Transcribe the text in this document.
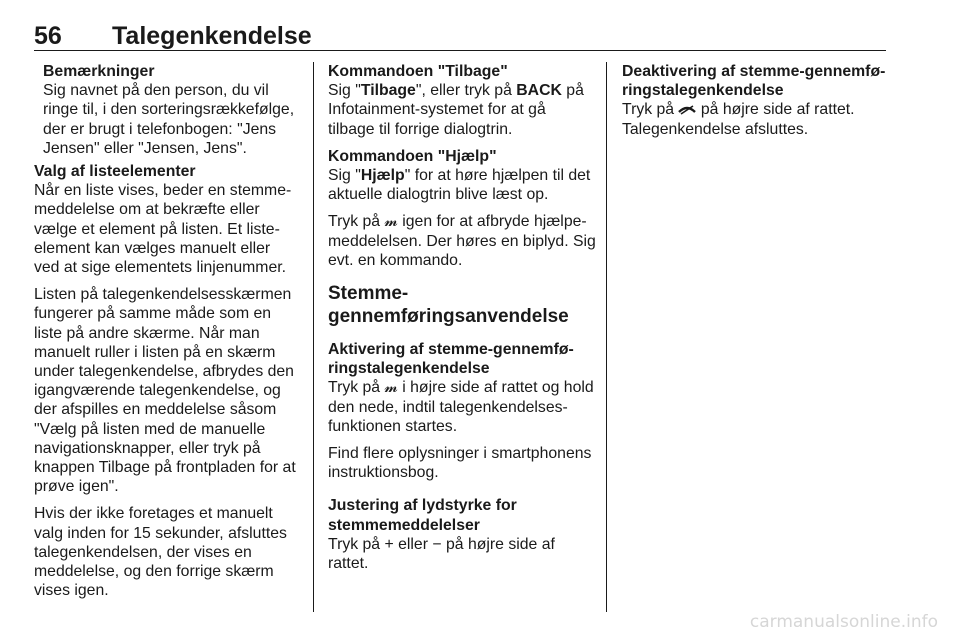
56 Talegenkendelse
Bemærkninger
Sig navnet på den person, du vil ringe til, i den sorteringsrækkefølge, der er brugt i telefonbogen: "Jens Jensen" eller "Jensen, Jens".

Valg af listeelementer
Når en liste vises, beder en stemmemeddelelse om at bekræfte eller vælge et element på listen. Et listeelement kan vælges manuelt eller ved at sige elementets linjenummer.

Listen på talegenkendelsesskærmen fungerer på samme måde som en liste på andre skærme. Når man manuelt ruller i listen på en skærm under talegenkendelse, afbrydes den igangværende talegenkendelse, og der afspilles en meddelelse såsom "Vælg på listen med de manuelle navigationsknapper, eller tryk på knappen Tilbage på frontpladen for at prøve igen".

Hvis der ikke foretages et manuelt valg inden for 15 sekunder, afsluttes talegenkendelsen, der vises en meddelelse, og den forrige skærm vises igen.

Kommandoen "Tilbage"
Sig "Tilbage", eller tryk på BACK på Infotainment-systemet for at gå tilbage til forrige dialogtrin.

Kommandoen "Hjælp"
Sig "Hjælp" for at høre hjælpen til det aktuelle dialogtrin blive læst op.

Tryk på 𝓶 igen for at afbryde hjælpemeddelelsen. Der høres en biplyd. Sig evt. en kommando.

Stemmegennemføringsanvendelse

Aktivering af stemme-gennemføringstalegenkendelse
Tryk på 𝓶 i højre side af rattet og hold den nede, indtil talegenkendelsesfunktionen startes.

Find flere oplysninger i smartphonens instruktionsbog.

Justering af lydstyrke for stemmemeddelelser
Tryk på + eller − på højre side af rattet.

Deaktivering af stemme-gennemføringstalegenkendelse
Tryk på  på højre side af rattet. Talegenkendelse afsluttes.

carmanualsonline.info
